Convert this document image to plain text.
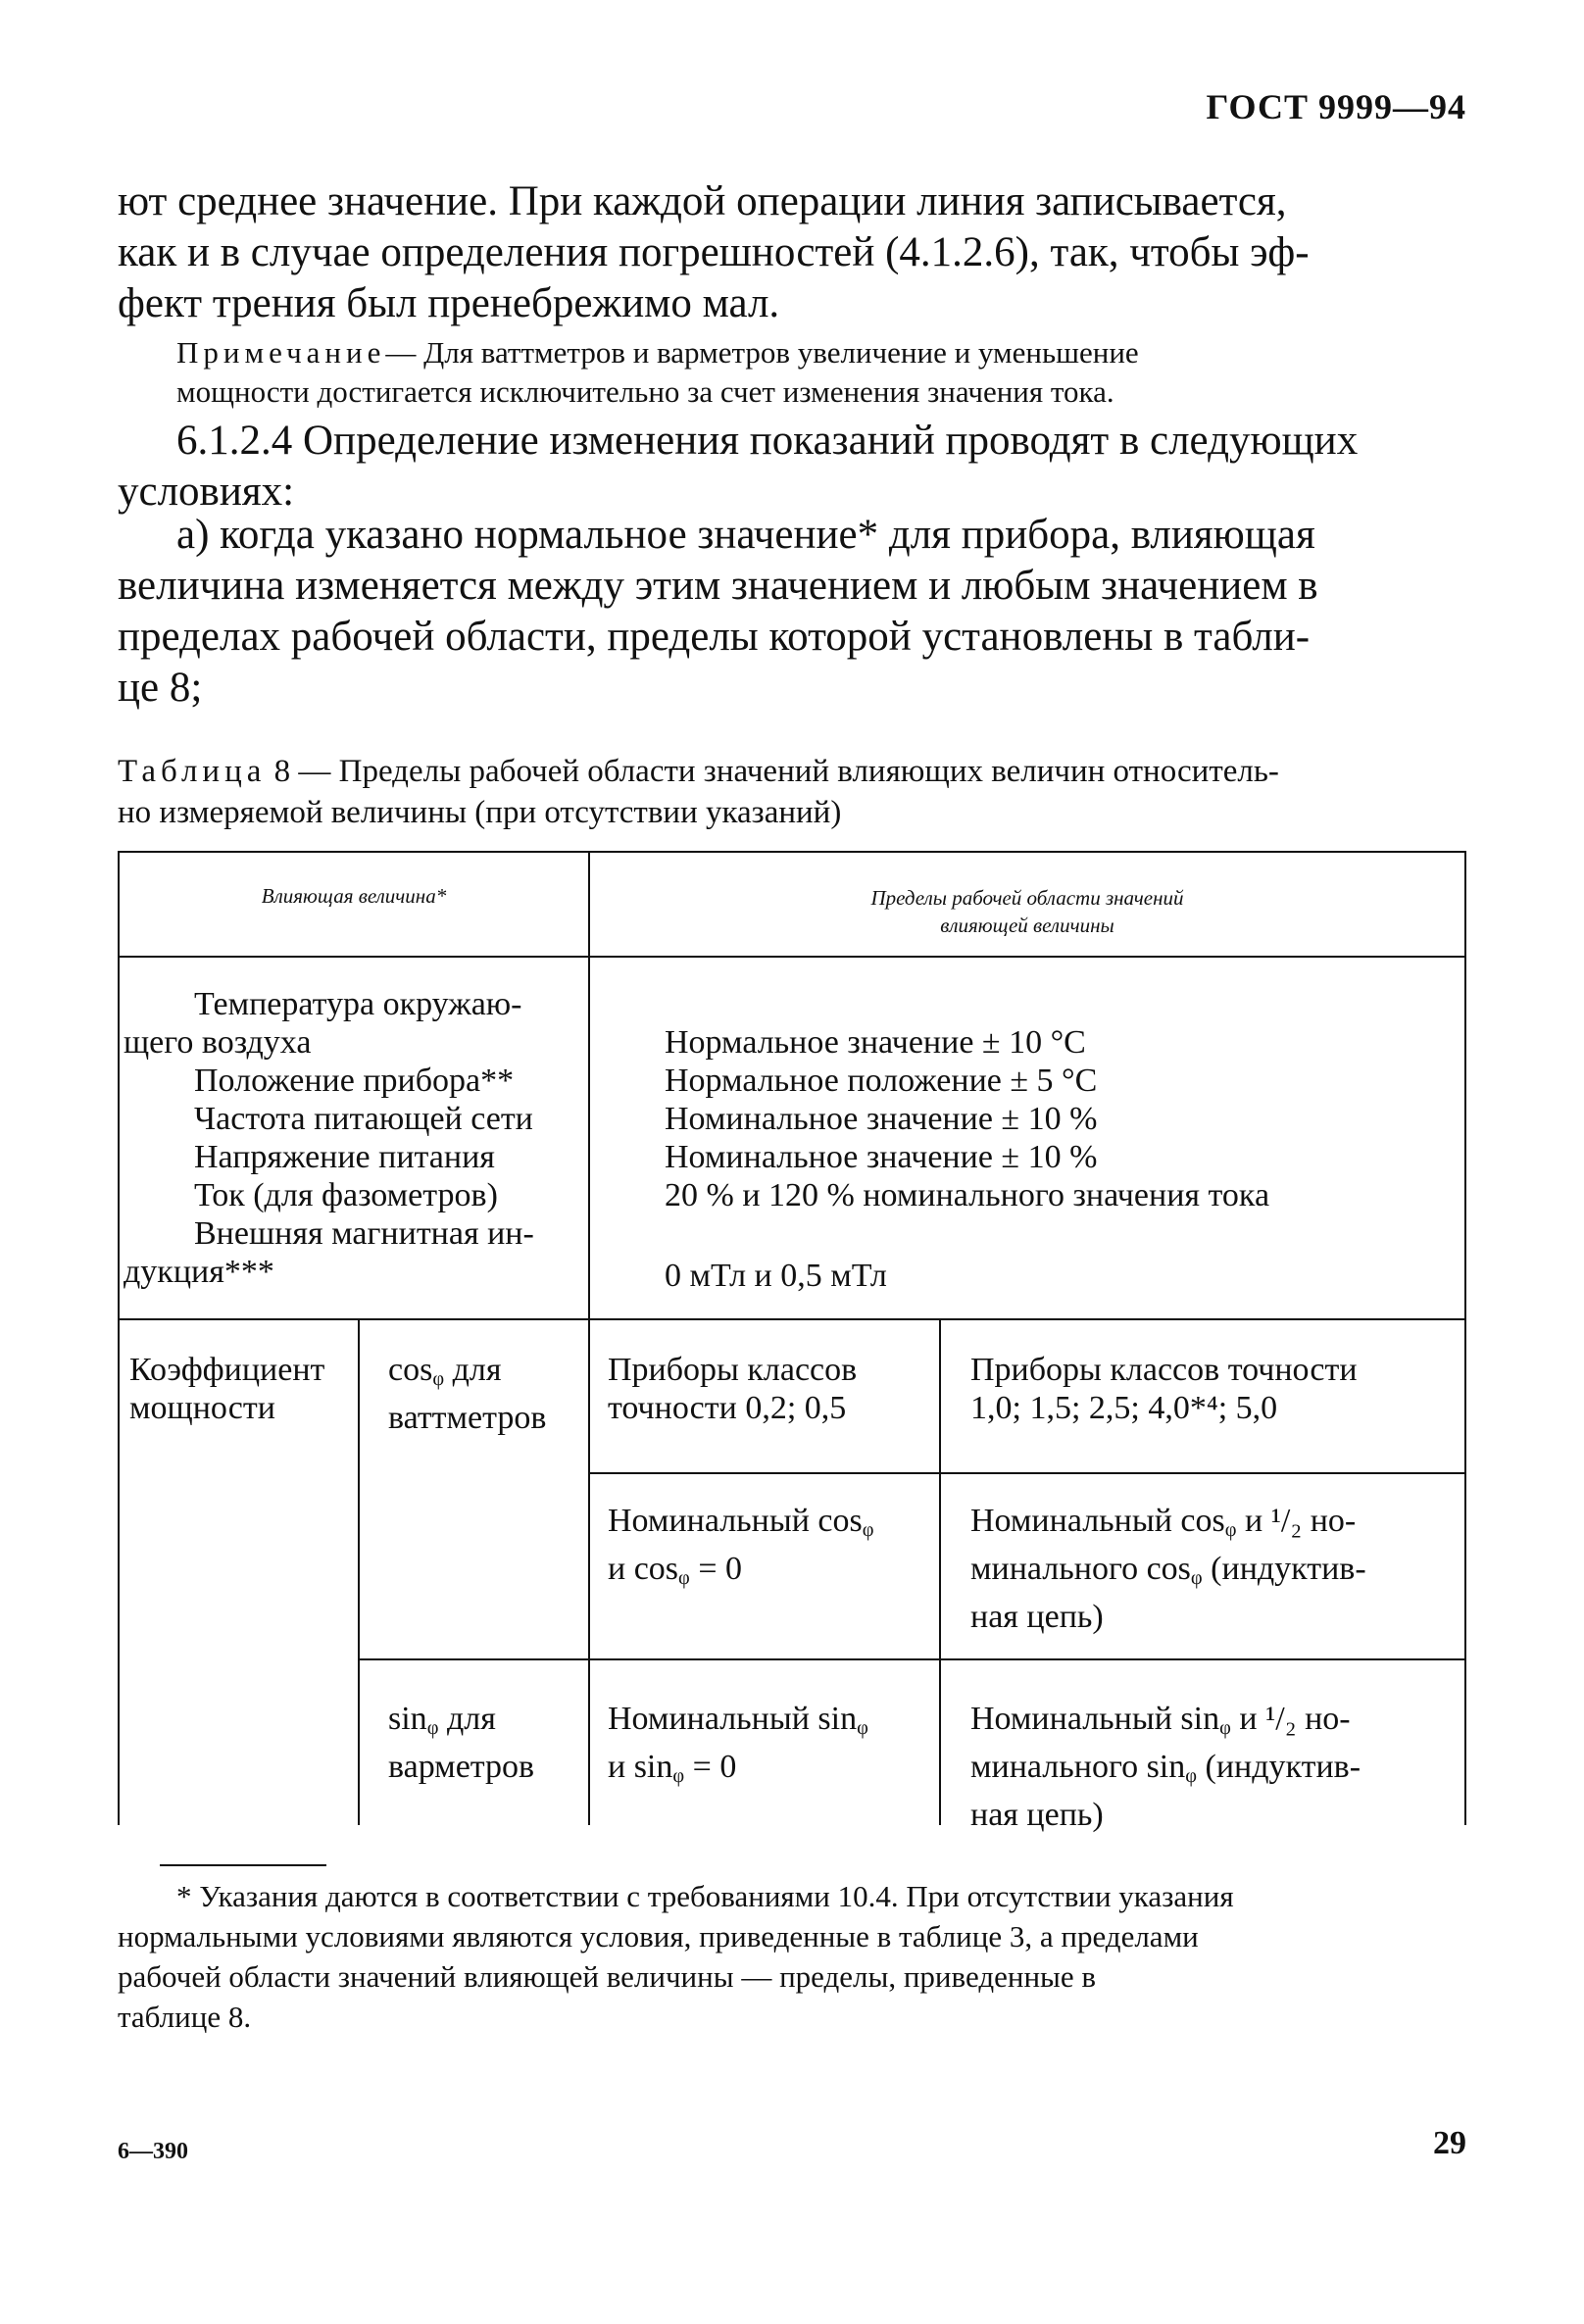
ГОСТ 9999—94
ют среднее значение. При каждой операции линия записывается,
как и в случае определения погрешностей (4.1.2.6), так, чтобы эф-
фект трения был пренебрежимо мал.
Примечание— Для ваттметров и варметров увеличение и уменьшение
мощности достигается исключительно за счет изменения значения тока.
6.1.2.4 Определение изменения показаний проводят в следующих
условиях:
а) когда указано нормальное значение* для прибора, влияющая
величина изменяется между этим значением и любым значением в
пределах рабочей области, пределы которой установлены в табли-
це 8;
Таблица 8 — Пределы рабочей области значений влияющих величин относитель-
но измеряемой величины (при отсутствии указаний)
Влияющая величина*	Пределы рабочей области значений
влияющей величины
Температура окружаю-
щего воздуха
Положение прибора**
Частота питающей сети
Напряжение питания
Ток (для фазометров)
Внешняя магнитная ин-
дукция***
Нормальное значение ± 10 °С
Нормальное положение ± 5 °С
Номинальное значение ± 10 %
Номинальное значение ± 10 %
20 % и 120 % номинального значения тока
0 мТл и 0,5 мТл
Коэффициент
мощности
$\cos_\varphi$ для
ваттметров
$\sin_\varphi$ для
варметров
Приборы классов
точности 0,2; 0,5
Приборы классов точности
1,0; 1,5; 2,5; 4,0*⁴; 5,0
Номинальный $\cos_\varphi$
и $\cos_\varphi = 0$
Номинальный $\cos_\varphi и$ ¹/₂ но-
минального $\cos_\varphi$ (индуктив-
ная цепь)
Номинальный $\sin_\varphi$
и $\sin_\varphi = 0$
Номинальный $\sin_\varphi и$ ¹/₂ но-
минального $\sin_\varphi$ (индуктив-
ная цепь)
* Указания даются в соответствии с требованиями 10.4. При отсутствии указания
нормальными условиями являются условия, приведенные в таблице 3, а пределами
рабочей области значений влияющей величины — пределы, приведенные в
таблице 8.
6—390	29
